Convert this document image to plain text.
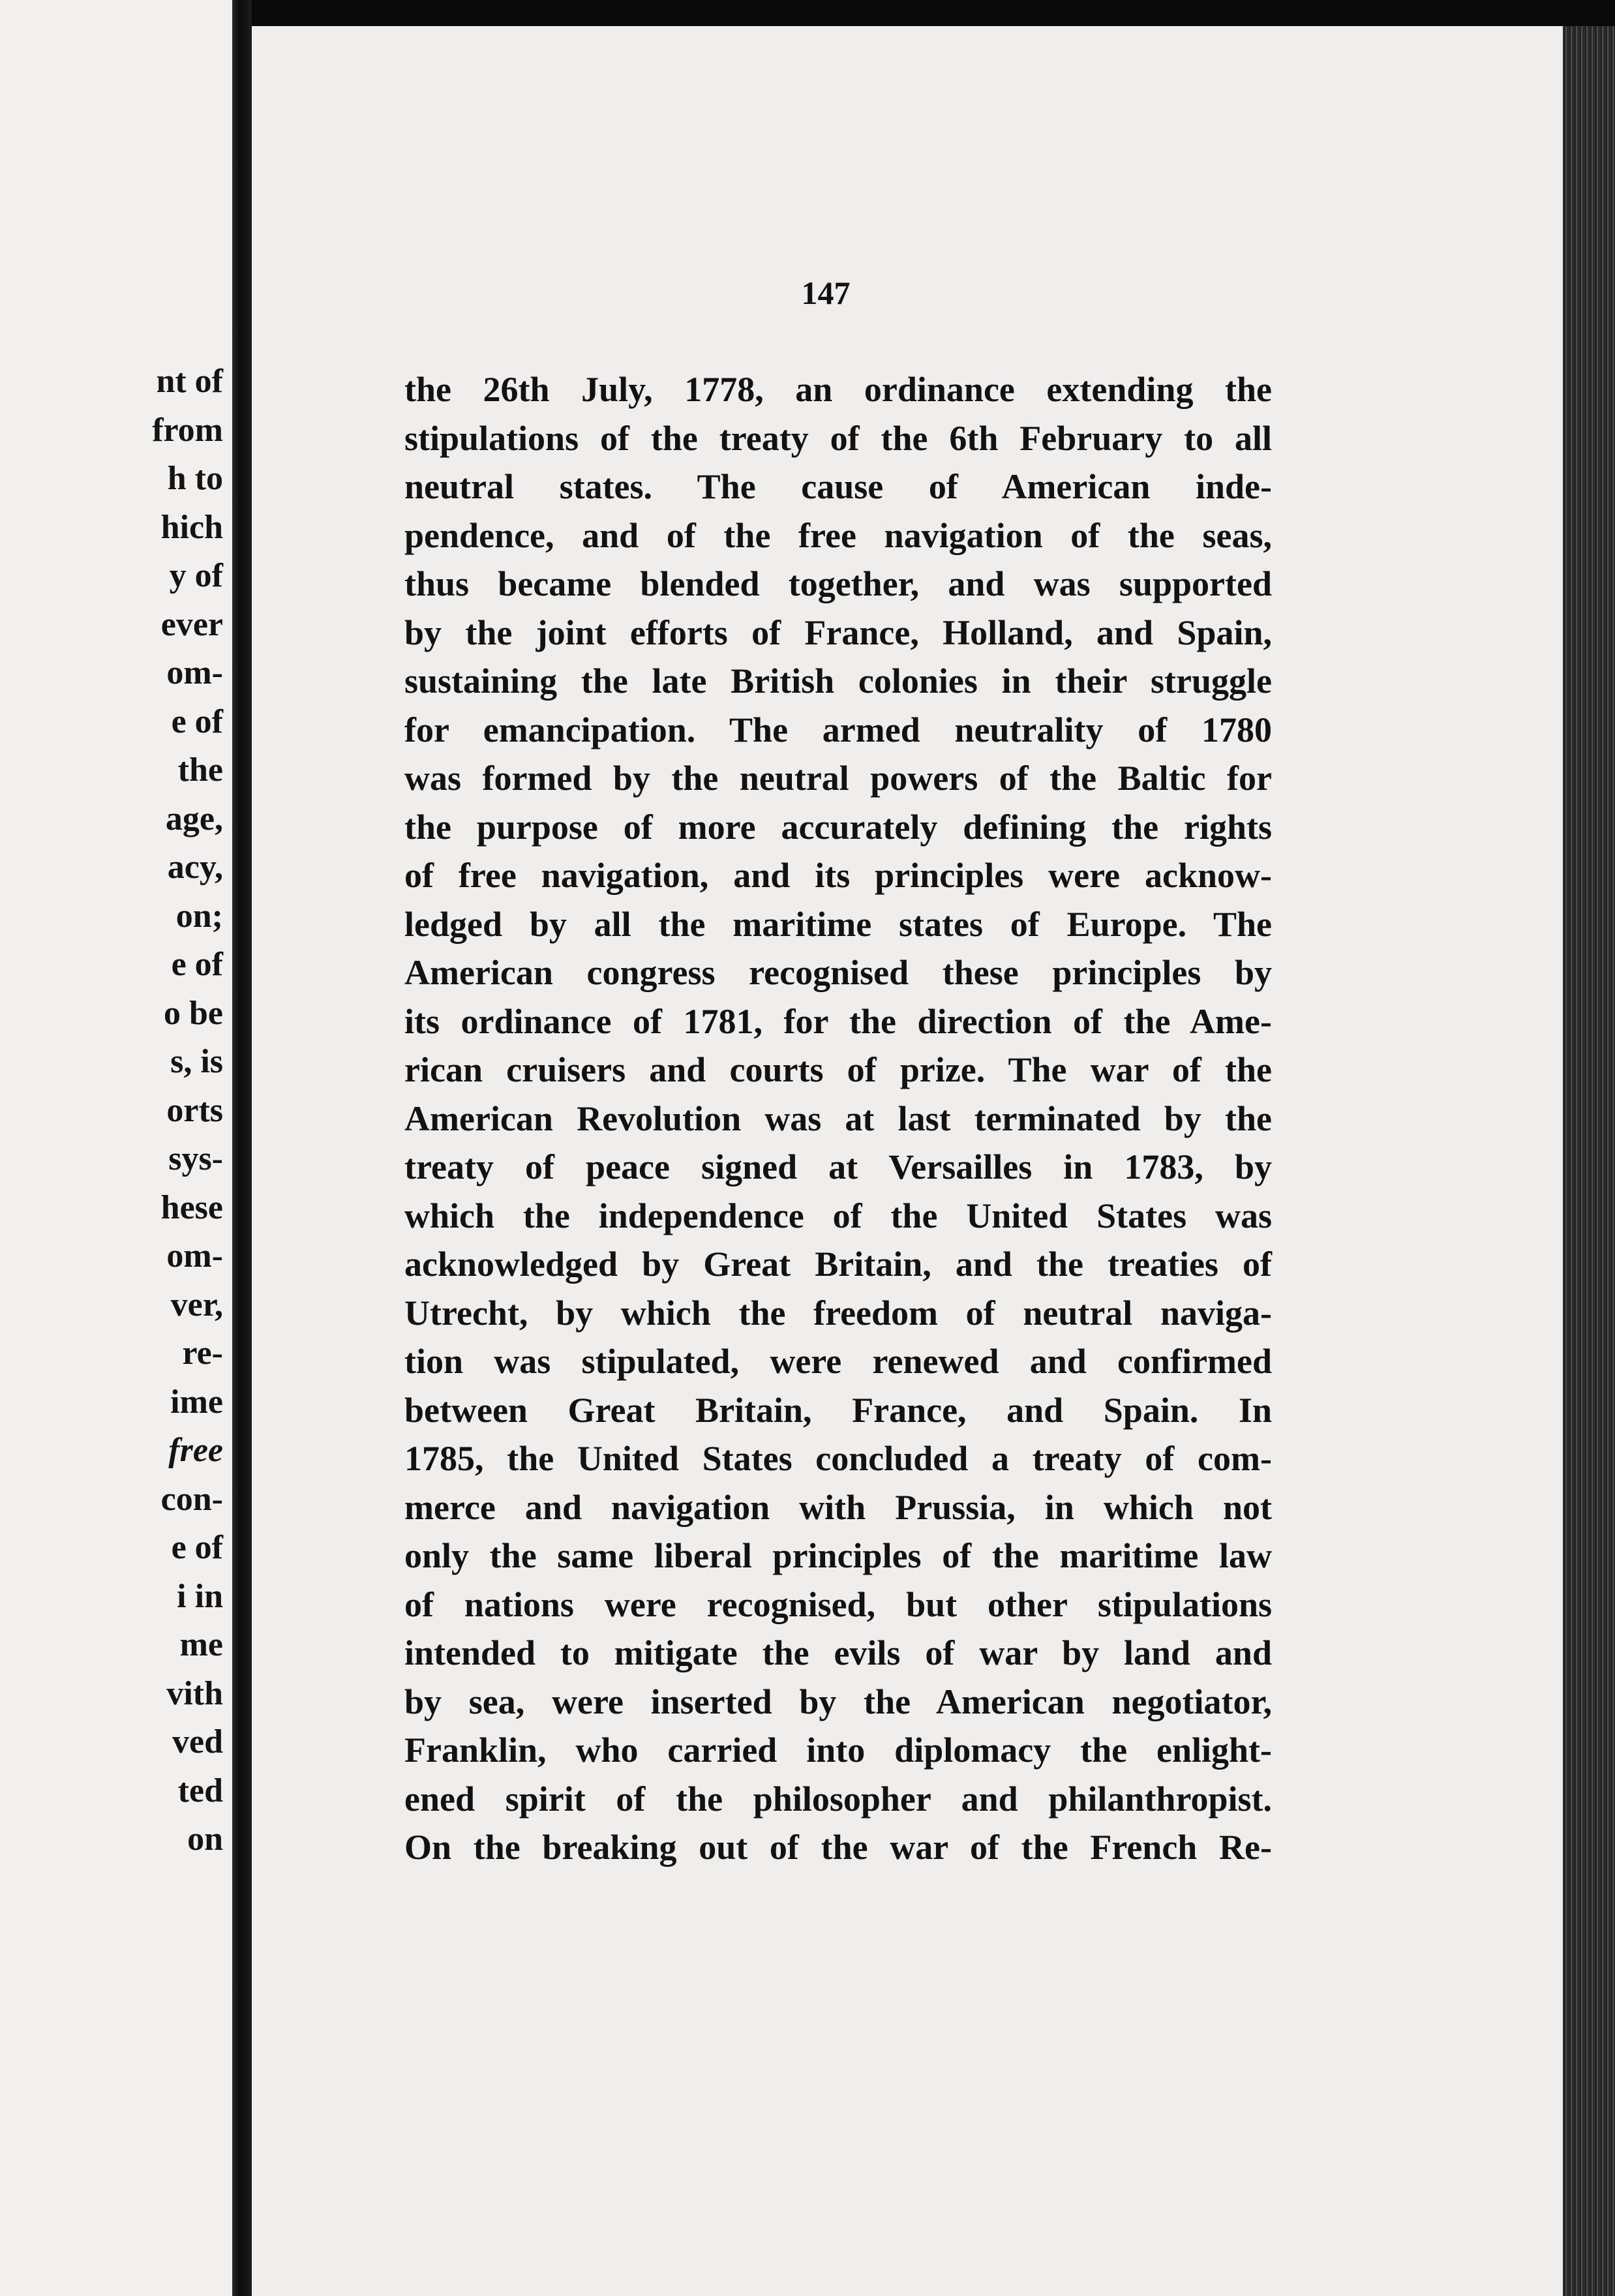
nt of
from
h to
hich
y of
ever
om-
e of
the
age,
acy,
on;
e of
o be
s, is
orts
sys-
hese
om-
ver,
re-
ime
free
con-
e of
i in
me
vith
ved
ted
on
147
the 26th July, 1778, an ordinance extending the
stipulations of the treaty of the 6th February to all
neutral states. The cause of American inde-
pendence, and of the free navigation of the seas,
thus became blended together, and was supported
by the joint efforts of France, Holland, and Spain,
sustaining the late British colonies in their struggle
for emancipation. The armed neutrality of 1780
was formed by the neutral powers of the Baltic for
the purpose of more accurately defining the rights
of free navigation, and its principles were acknow-
ledged by all the maritime states of Europe. The
American congress recognised these principles by
its ordinance of 1781, for the direction of the Ame-
rican cruisers and courts of prize. The war of the
American Revolution was at last terminated by the
treaty of peace signed at Versailles in 1783, by
which the independence of the United States was
acknowledged by Great Britain, and the treaties of
Utrecht, by which the freedom of neutral naviga-
tion was stipulated, were renewed and confirmed
between Great Britain, France, and Spain. In
1785, the United States concluded a treaty of com-
merce and navigation with Prussia, in which not
only the same liberal principles of the maritime law
of nations were recognised, but other stipulations
intended to mitigate the evils of war by land and
by sea, were inserted by the American negotiator,
Franklin, who carried into diplomacy the enlight-
ened spirit of the philosopher and philanthropist.
On the breaking out of the war of the French Re-
